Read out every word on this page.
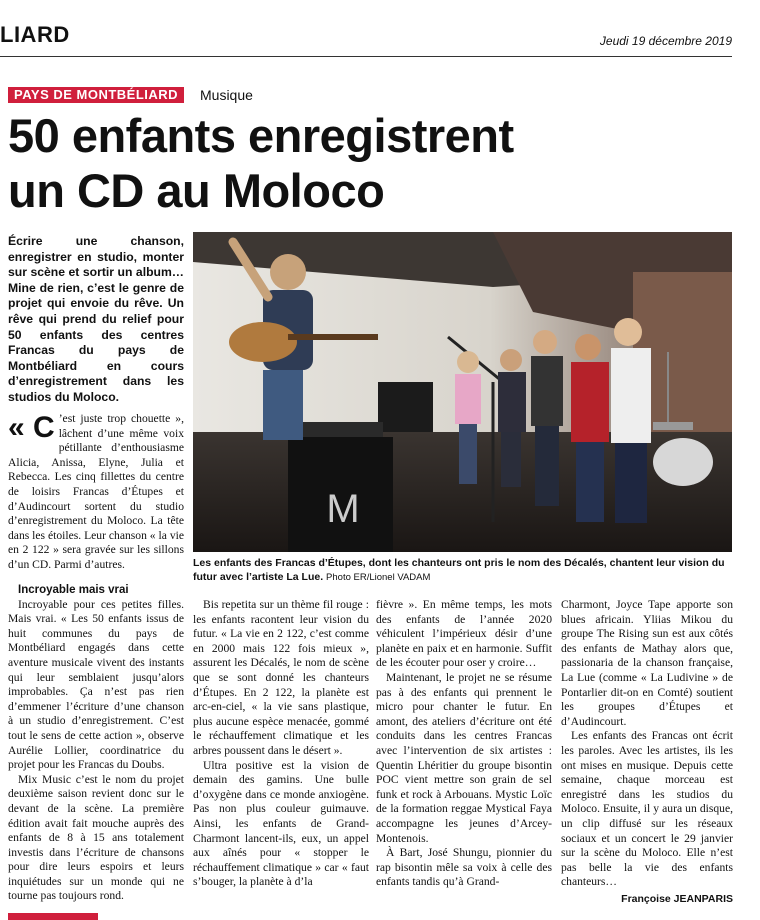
LIARD	Jeudi 19 décembre 2019
PAYS DE MONTBÉLIARD	Musique
50 enfants enregistrent
un CD au Moloco
Écrire une chanson, enregistrer en studio, monter sur scène et sortir un album… Mine de rien, c’est le genre de projet qui envoie du rêve. Un rêve qui prend du relief pour 50 enfants des centres Francas du pays de Montbéliard en cours d’enregistrement dans les studios du Moloco.
« C ’est juste trop chouette », lâchent d’une même voix pétillante d’enthousiasme Alicia, Anissa, Elyne, Julia et Rebecca. Les cinq fillettes du centre de loisirs Francas d’Étupes et d’Audincourt sortent du studio d’enregistrement du Moloco. La tête dans les étoiles. Leur chanson « la vie en 2 122 » sera gravée sur les sillons d’un CD. Parmi d’autres.
M
Les enfants des Francas d’Étupes, dont les chanteurs ont pris le nom des Décalés, chantent leur vision du futur avec l’artiste La Lue. Photo ER/Lionel VADAM

Incroyable mais vrai

Incroyable pour ces petites filles. Mais vrai. « Les 50 enfants issus de huit communes du pays de Montbéliard engagés dans cette aventure musicale vivent des instants qui leur semblaient jusqu’alors improbables. Ça n’est pas rien d’emmener l’écriture d’une chanson à un studio d’enregistrement. C’est tout le sens de cette action », observe Aurélie Lollier, coordinatrice du projet pour les Francas du Doubs.

Mix Music c’est le nom du projet deuxième saison revient donc sur le devant de la scène. La première édition avait fait mouche auprès des enfants de 8 à 15 ans totalement investis dans l’écriture de chansons pour dire leurs espoirs et leurs inquiétudes sur un monde qui ne tourne pas toujours rond.

Bis repetita sur un thème fil rouge : les enfants racontent leur vision du futur. « La vie en 2 122, c’est comme en 2000 mais 122 fois mieux », assurent les Décalés, le nom de scène que se sont donné les chanteurs d’Étupes. En 2 122, la planète est arc-en-ciel, « la vie sans plastique, plus aucune espèce menacée, gommé le réchauffement climatique et les arbres poussent dans le désert ».

Ultra positive est la vision de demain des gamins. Une bulle d’oxygène dans ce monde anxiogène. Pas non plus couleur guimauve. Ainsi, les enfants de Grand-Charmont lancent-ils, eux, un appel aux aînés pour « stopper le réchauffement climatique » car « faut s’bouger, la planète à d’la

fièvre ». En même temps, les mots des enfants de l’année 2020 véhiculent l’impérieux désir d’une planète en paix et en harmonie. Suffit de les écouter pour oser y croire…

Maintenant, le projet ne se résume pas à des enfants qui prennent le micro pour chanter le futur. En amont, des ateliers d’écriture ont été conduits dans les centres Francas avec l’intervention de six artistes : Quentin Lhéritier du groupe bisontin POC vient mettre son grain de sel funk et rock à Arbouans. Mystic Loïc de la formation reggae Mystical Faya accompagne les jeunes d’Arcey-Montenois.

À Bart, José Shungu, pionnier du rap bisontin mêle sa voix à celle des enfants tandis qu’à Grand-

Charmont, Joyce Tape apporte son blues africain. Yliias Mikou du groupe The Rising sun est aux côtés des enfants de Mathay alors que, passionaria de la chanson française, La Lue (comme « La Ludivine » de Pontarlier dit-on en Comté) soutient les groupes d’Étupes et d’Audincourt.

Les enfants des Francas ont écrit les paroles. Avec les artistes, ils les ont mises en musique. Depuis cette semaine, chaque morceau est enregistré dans les studios du Moloco. Ensuite, il y aura un disque, un clip diffusé sur les réseaux sociaux et un concert le 29 janvier sur la scène du Moloco. Elle n’est pas belle la vie des enfants chanteurs…

Françoise JEANPARIS
